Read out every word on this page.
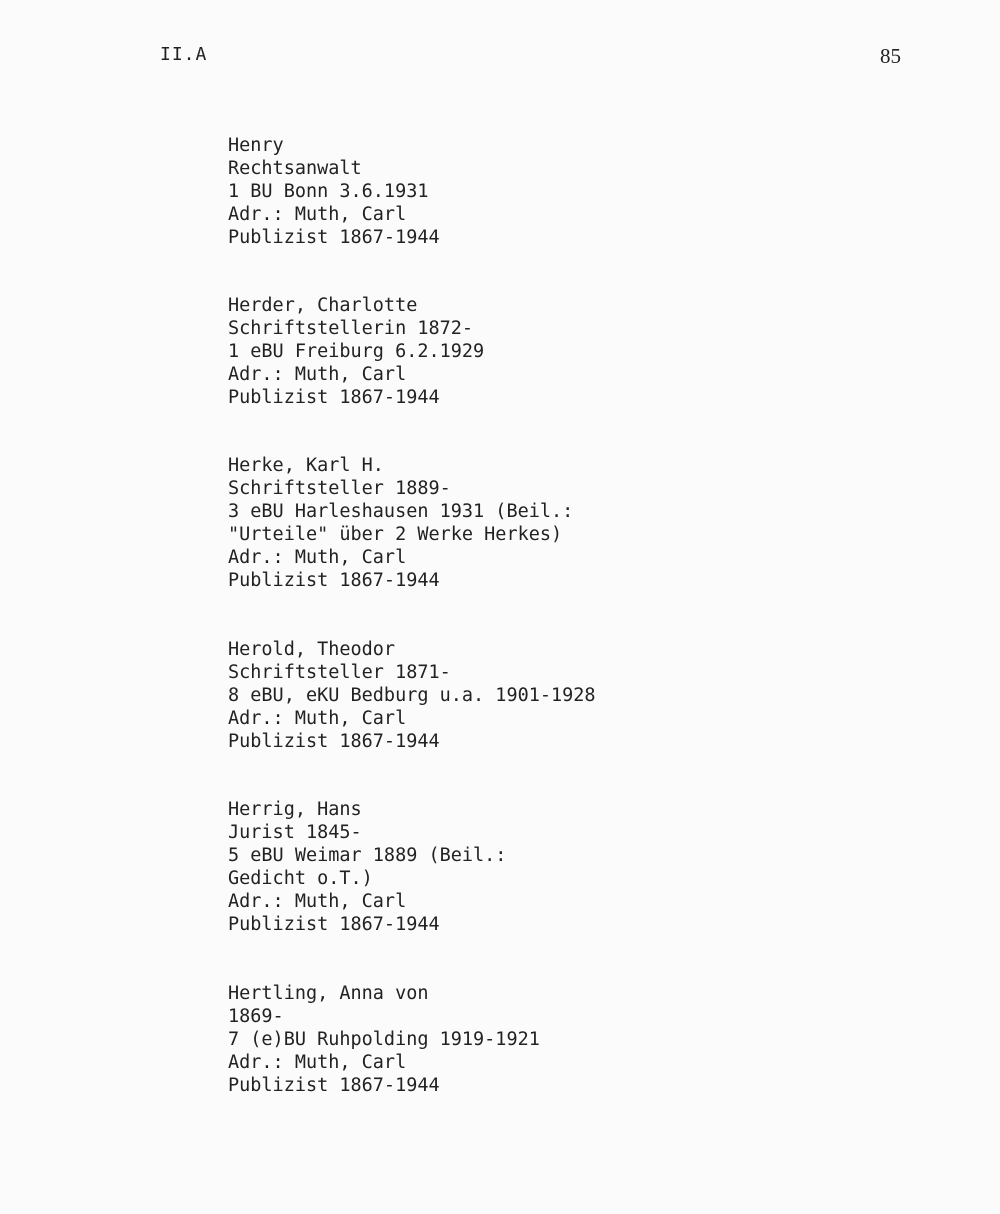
II.A	85
Henry
Rechtsanwalt
1 BU Bonn 3.6.1931
Adr.: Muth, Carl
Publizist 1867-1944
Herder, Charlotte
Schriftstellerin 1872-
1 eBU Freiburg 6.2.1929
Adr.: Muth, Carl
Publizist 1867-1944
Herke, Karl H.
Schriftsteller 1889-
3 eBU Harleshausen 1931 (Beil.:
"Urteile" über 2 Werke Herkes)
Adr.: Muth, Carl
Publizist 1867-1944
Herold, Theodor
Schriftsteller 1871-
8 eBU, eKU Bedburg u.a. 1901-1928
Adr.: Muth, Carl
Publizist 1867-1944
Herrig, Hans
Jurist 1845-
5 eBU Weimar 1889 (Beil.:
Gedicht o.T.)
Adr.: Muth, Carl
Publizist 1867-1944
Hertling, Anna von
1869-
7 (e)BU Ruhpolding 1919-1921
Adr.: Muth, Carl
Publizist 1867-1944
